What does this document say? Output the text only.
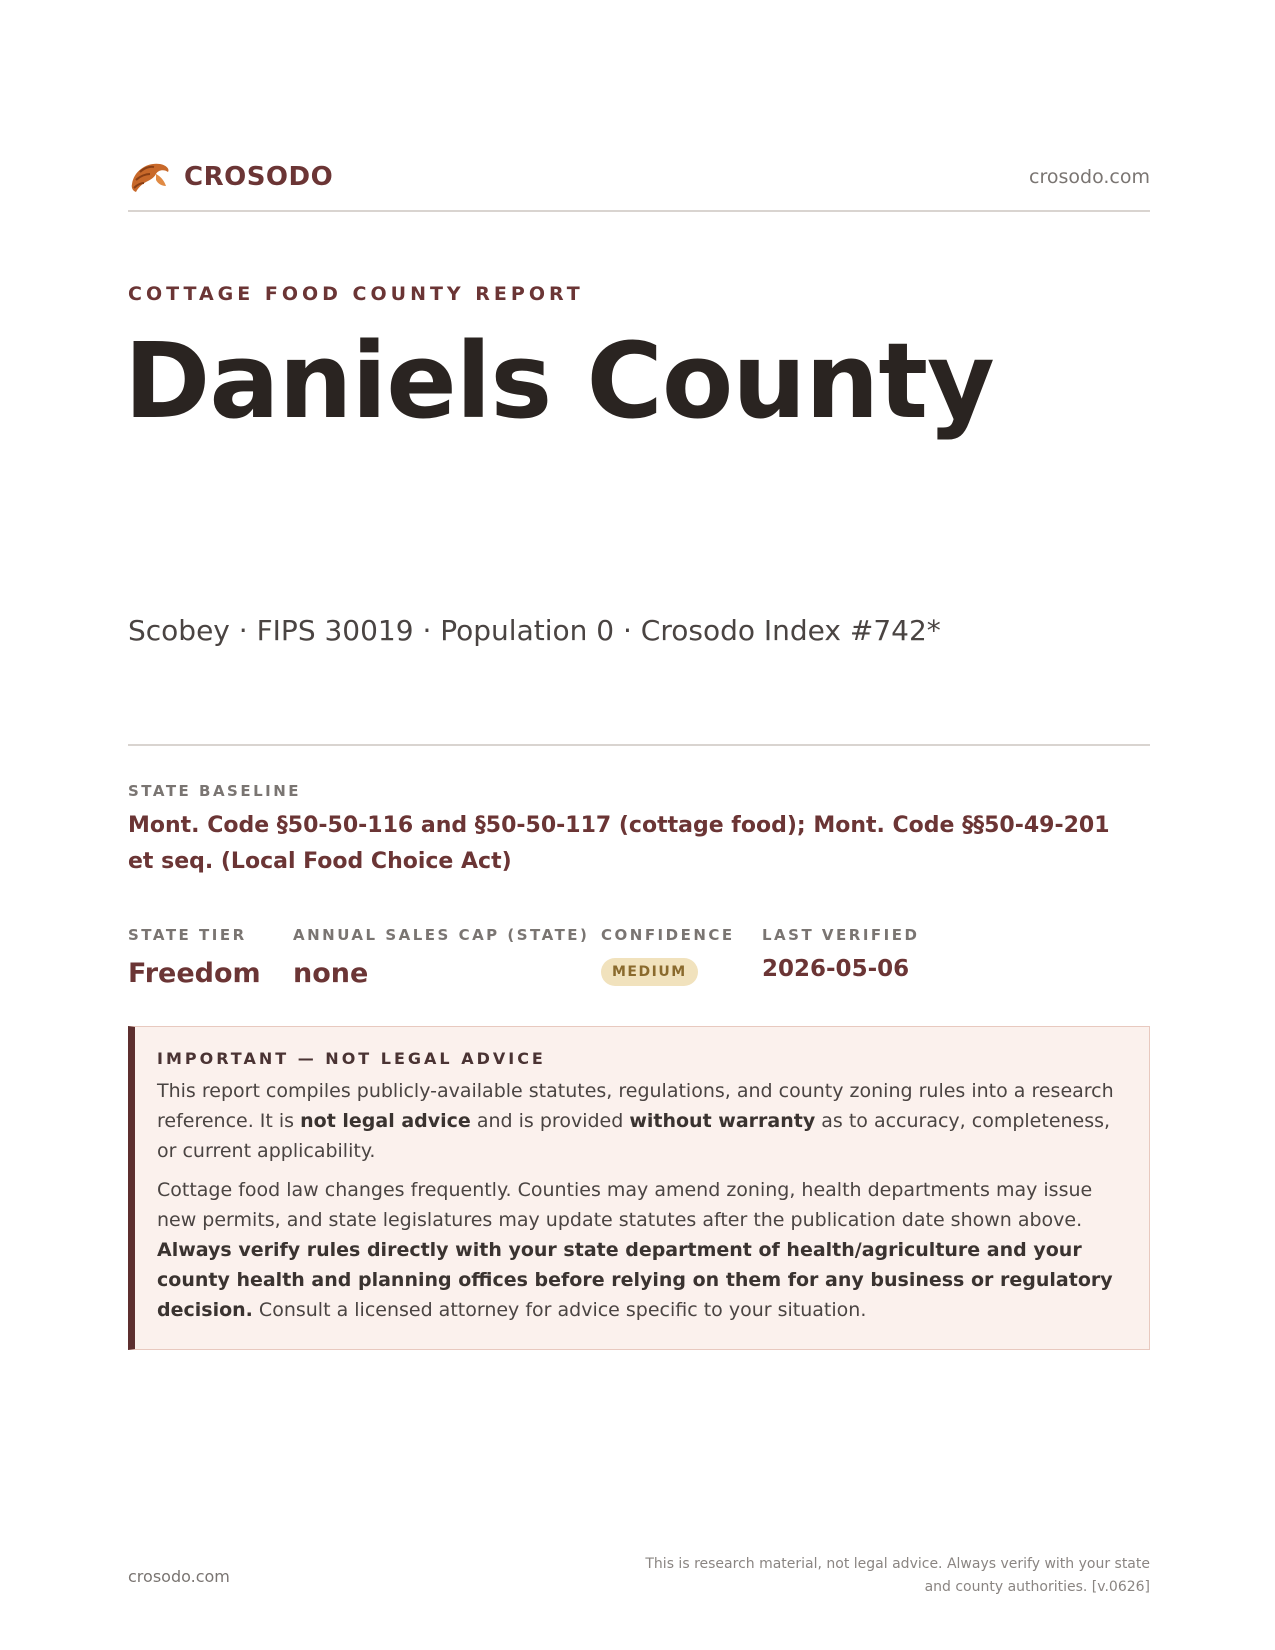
CROSODO	crosodo.com
COTTAGE FOOD COUNTY REPORT
Daniels County
Scobey · FIPS 30019 · Population 0 · Crosodo Index #742*
STATE BASELINE
Mont. Code §50-50-116 and §50-50-117 (cottage food); Mont. Code §§50-49-201 et seq. (Local Food Choice Act)
STATE TIER
Freedom
ANNUAL SALES CAP (STATE)
none
CONFIDENCE
MEDIUM
LAST VERIFIED
2026-05-06
IMPORTANT — NOT LEGAL ADVICE

This report compiles publicly-available statutes, regulations, and county zoning rules into a research reference. It is not legal advice and is provided without warranty as to accuracy, completeness, or current applicability.

Cottage food law changes frequently. Counties may amend zoning, health departments may issue new permits, and state legislatures may update statutes after the publication date shown above. Always verify rules directly with your state department of health/agriculture and your county health and planning offices before relying on them for any business or regulatory decision. Consult a licensed attorney for advice specific to your situation.

crosodo.com
This is research material, not legal advice. Always verify with your state
and county authorities. [v.0626]
